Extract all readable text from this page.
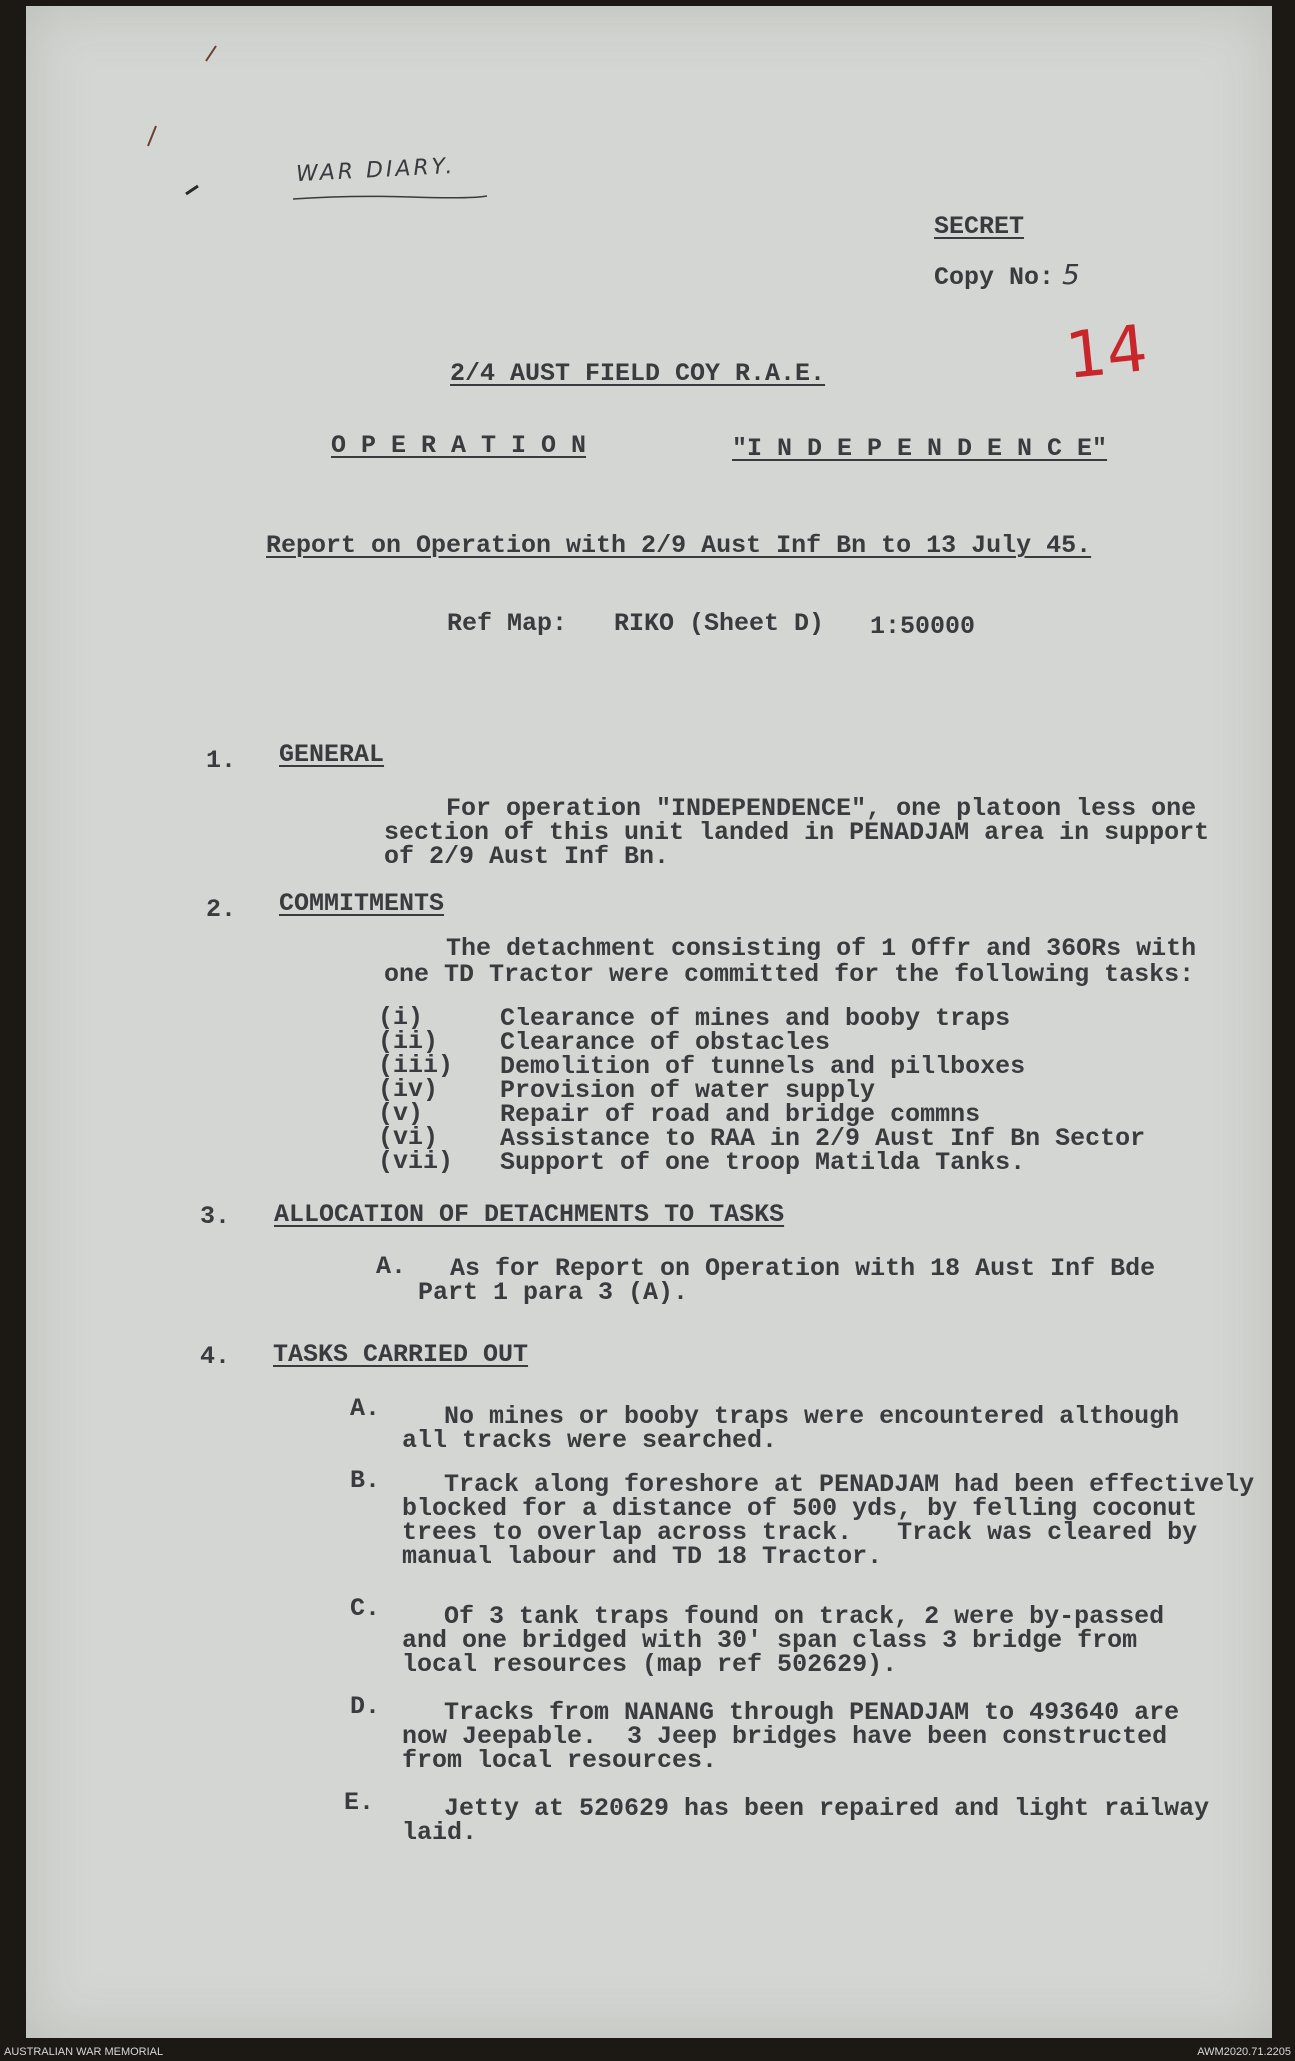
WAR DIARY.
SECRET
Copy No: 5
14
2/4 AUST FIELD COY R.A.E.
O P E R A T I O N	"I N D E P E N D E N C E"
Report on Operation with 2/9 Aust Inf Bn to 13 July 45.
Ref Map: RIKO (Sheet D) 1:50000
1. GENERAL
For operation "INDEPENDENCE", one platoon less one
section of this unit landed in PENADJAM area in support
of 2/9 Aust Inf Bn.
2. COMMITMENTS
The detachment consisting of 1 Offr and 36ORs with
one TD Tractor were committed for the following tasks:
(i)	Clearance of mines and booby traps
(ii) Clearance of obstacles
(iii) Demolition of tunnels and pillboxes
(iv) Provision of water supply
(v)	Repair of road and bridge commns
(vi) Assistance to RAA in 2/9 Aust Inf Bn Sector
(vii) Support of one troop Matilda Tanks.
3. ALLOCATION OF DETACHMENTS TO TASKS
A. As for Report on Operation with 18 Aust Inf Bde
Part 1 para 3 (A).
4. TASKS CARRIED OUT
A.	No mines or booby traps were encountered although
all tracks were searched.
B.	Track along foreshore at PENADJAM had been effectively
blocked for a distance of 500 yds, by felling coconut
trees to overlap across track.   Track was cleared by
manual labour and TD 18 Tractor.
C.	Of 3 tank traps found on track, 2 were by-passed
and one bridged with 30' span class 3 bridge from
local resources (map ref 502629).
D.	Tracks from NANANG through PENADJAM to 493640 are
now Jeepable.  3 Jeep bridges have been constructed
from local resources.
E.	Jetty at 520629 has been repaired and light railway
laid.
AUSTRALIAN WAR MEMORIAL	AWM2020.71.2205
